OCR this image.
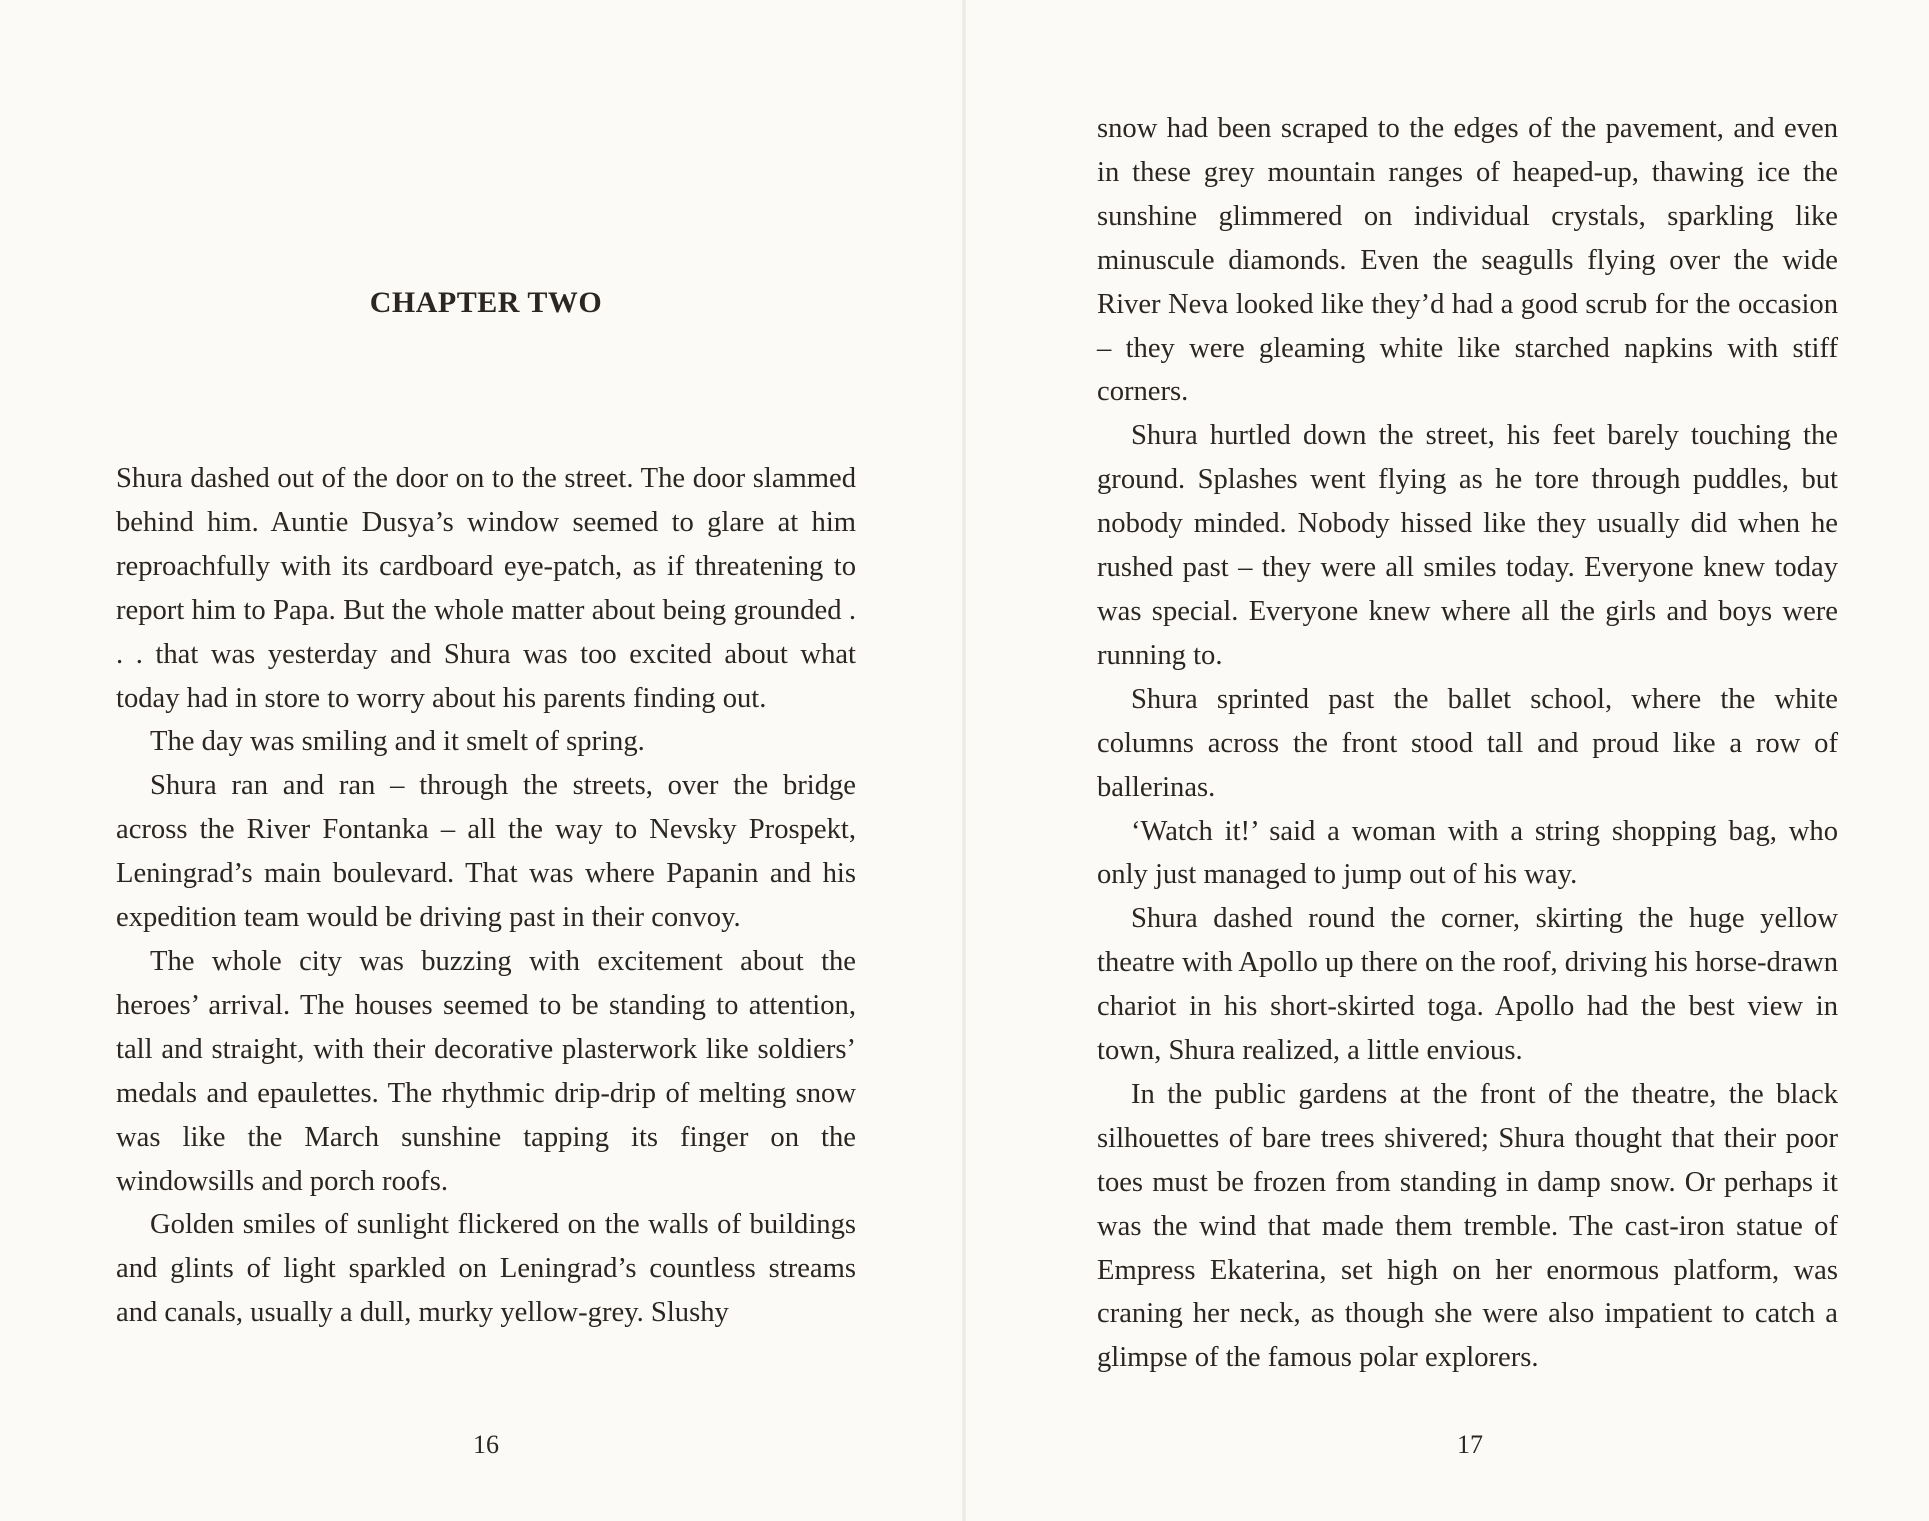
CHAPTER TWO

Shura dashed out of the door on to the street. The door slammed behind him. Auntie Dusya’s window seemed to glare at him reproachfully with its cardboard eye-patch, as if threatening to report him to Papa. But the whole matter about being grounded . . . that was yesterday and Shura was too excited about what today had in store to worry about his parents finding out.

The day was smiling and it smelt of spring.

Shura ran and ran – through the streets, over the bridge across the River Fontanka – all the way to Nevsky Prospekt, Leningrad’s main boulevard. That was where Papanin and his expedition team would be driving past in their convoy.

The whole city was buzzing with excitement about the heroes’ arrival. The houses seemed to be standing to attention, tall and straight, with their decorative plasterwork like soldiers’ medals and epaulettes. The rhythmic drip-drip of melting snow was like the March sunshine tapping its finger on the windowsills and porch roofs.

Golden smiles of sunlight flickered on the walls of buildings and glints of light sparkled on Leningrad’s countless streams and canals, usually a dull, murky yellow-grey. Slushy

16

snow had been scraped to the edges of the pavement, and even in these grey mountain ranges of heaped-up, thawing ice the sunshine glimmered on individual crystals, sparkling like minuscule diamonds. Even the seagulls flying over the wide River Neva looked like they’d had a good scrub for the occasion – they were gleaming white like starched napkins with stiff corners.

Shura hurtled down the street, his feet barely touching the ground. Splashes went flying as he tore through puddles, but nobody minded. Nobody hissed like they usually did when he rushed past – they were all smiles today. Everyone knew today was special. Everyone knew where all the girls and boys were running to.

Shura sprinted past the ballet school, where the white columns across the front stood tall and proud like a row of ballerinas.

‘Watch it!’ said a woman with a string shopping bag, who only just managed to jump out of his way.

Shura dashed round the corner, skirting the huge yellow theatre with Apollo up there on the roof, driving his horse-drawn chariot in his short-skirted toga. Apollo had the best view in town, Shura realized, a little envious.

In the public gardens at the front of the theatre, the black silhouettes of bare trees shivered; Shura thought that their poor toes must be frozen from standing in damp snow. Or perhaps it was the wind that made them tremble. The cast-iron statue of Empress Ekaterina, set high on her enormous platform, was craning her neck, as though she were also impatient to catch a glimpse of the famous polar explorers.

17
